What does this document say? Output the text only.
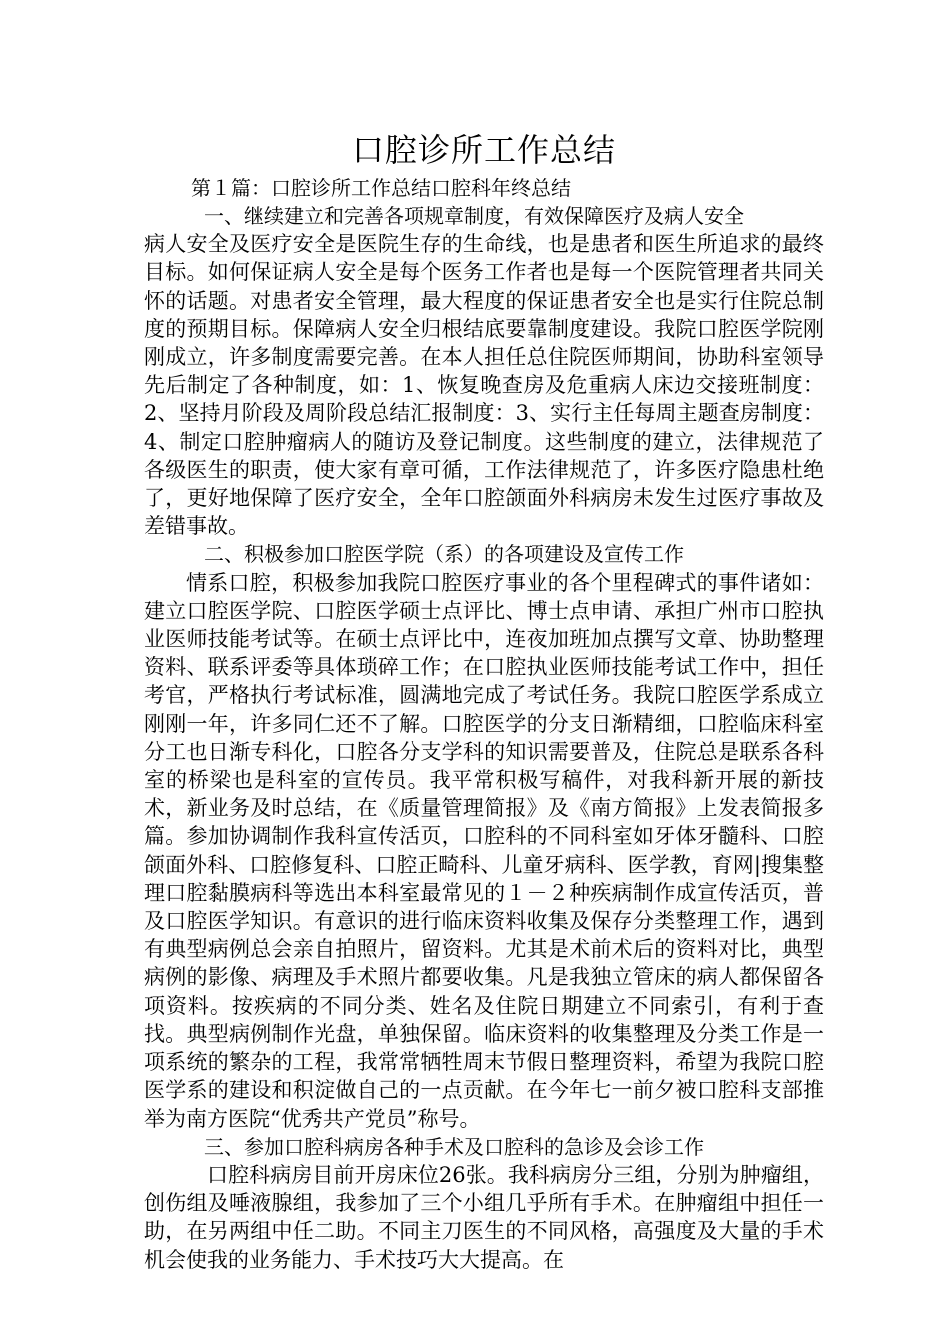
口腔诊所工作总结

第１篇：口腔诊所工作总结口腔科年终总结

一、继续建立和完善各项规章制度，有效保障医疗及病人安全

病人安全及医疗安全是医院生存的生命线，也是患者和医生所追求的最终目标。如何保证病人安全是每个医务工作者也是每一个医院管理者共同关怀的话题。对患者安全管理，最大程度的保证患者安全也是实行住院总制度的预期目标。保障病人安全归根结底要靠制度建设。我院口腔医学院刚刚成立，许多制度需要完善。在本人担任总住院医师期间，协助科室领导先后制定了各种制度，如：1、恢复晚查房及危重病人床边交接班制度：2、坚持月阶段及周阶段总结汇报制度：3、实行主任每周主题查房制度：4、制定口腔肿瘤病人的随访及登记制度。这些制度的建立，法律规范了各级医生的职责，使大家有章可循，工作法律规范了，许多医疗隐患杜绝了，更好地保障了医疗安全，全年口腔颌面外科病房未发生过医疗事故及差错事故。

二、积极参加口腔医学院（系）的各项建设及宣传工作

情系口腔，积极参加我院口腔医疗事业的各个里程碑式的事件诸如：建立口腔医学院、口腔医学硕士点评比、博士点申请、承担广州市口腔执业医师技能考试等。在硕士点评比中，连夜加班加点撰写文章、协助整理资料、联系评委等具体琐碎工作；在口腔执业医师技能考试工作中，担任考官，严格执行考试标准，圆满地完成了考试任务。我院口腔医学系成立刚刚一年，许多同仁还不了解。口腔医学的分支日渐精细，口腔临床科室分工也日渐专科化，口腔各分支学科的知识需要普及，住院总是联系各科室的桥梁也是科室的宣传员。我平常积极写稿件，对我科新开展的新技术，新业务及时总结，在《质量管理简报》及《南方简报》上发表简报多篇。参加协调制作我科宣传活页，口腔科的不同科室如牙体牙髓科、口腔颌面外科、口腔修复科、口腔正畸科、儿童牙病科、医学教，育网|搜集整理口腔黏膜病科等选出本科室最常见的１－２种疾病制作成宣传活页，普及口腔医学知识。有意识的进行临床资料收集及保存分类整理工作，遇到有典型病例总会亲自拍照片，留资料。尤其是术前术后的资料对比，典型病例的影像、病理及手术照片都要收集。凡是我独立管床的病人都保留各项资料。按疾病的不同分类、姓名及住院日期建立不同索引，有利于查找。典型病例制作光盘，单独保留。临床资料的收集整理及分类工作是一项系统的繁杂的工程，我常常牺牲周末节假日整理资料，希望为我院口腔医学系的建设和积淀做自己的一点贡献。在今年七一前夕被口腔科支部推举为南方医院“优秀共产党员”称号。

三、参加口腔科病房各种手术及口腔科的急诊及会诊工作

口腔科病房目前开房床位26张。我科病房分三组，分别为肿瘤组，创伤组及唾液腺组，我参加了三个小组几乎所有手术。在肿瘤组中担任一助，在另两组中任二助。不同主刀医生的不同风格，高强度及大量的手术机会使我的业务能力、手术技巧大大提高。在
